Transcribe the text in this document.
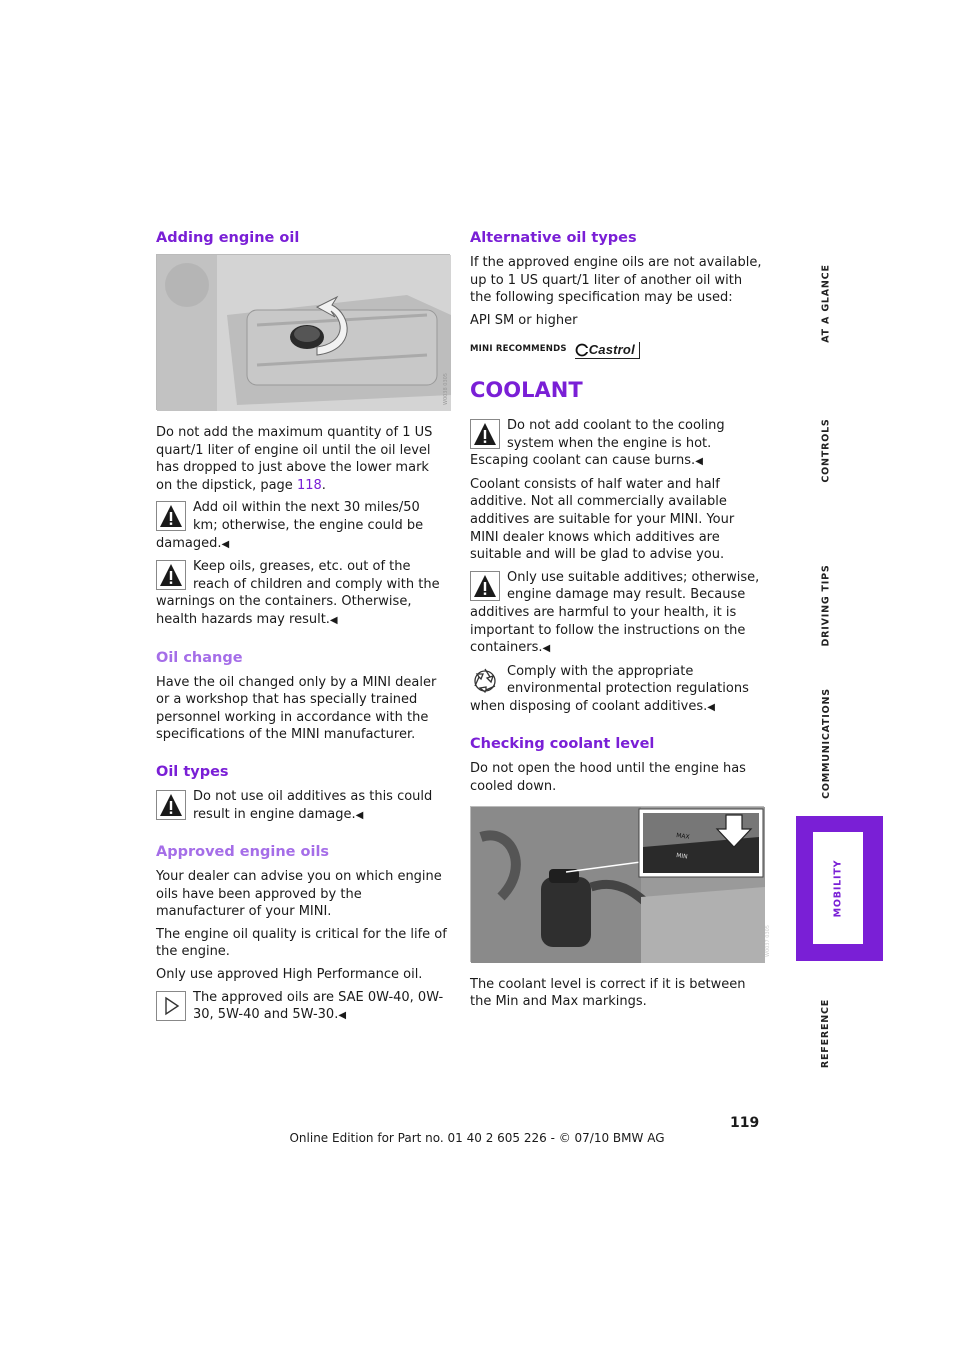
Adding engine oil
W0038 0305

Do not add the maximum quantity of 1 US quart/1 liter of engine oil until the oil level has dropped to just above the lower mark on the dipstick, page 118.

Add oil within the next 30 miles/50 km; otherwise, the engine could be damaged.◀
Keep oils, greases, etc. out of the reach of children and comply with the warnings on the containers. Otherwise, health hazards may result.◀
Oil change

Have the oil changed only by a MINI dealer or a workshop that has specially trained personnel working in accordance with the specifications of the MINI manufacturer.

Oil types
Do not use oil additives as this could result in engine damage.◀
Approved engine oils

Your dealer can advise you on which engine oils have been approved by the manufacturer of your MINI.

The engine oil quality is critical for the life of the engine.

Only use approved High Performance oil.

The approved oils are SAE 0W-40, 0W-30, 5W-40 and 5W-30.◀
Alternative oil types

If the approved engine oils are not available, up to 1 US quart/1 liter of another oil with the following specification may be used:

API SM or higher

MINI RECOMMENDS Castrol
COOLANT
Do not add coolant to the cooling system when the engine is hot. Escaping coolant can cause burns.◀

Coolant consists of half water and half additive. Not all commercially available additives are suitable for your MINI. Your MINI dealer knows which additives are suitable and will be glad to advise you.

Only use suitable additives; otherwise, engine damage may result. Because additives are harmful to your health, it is important to follow the instructions on the containers.◀
Comply with the appropriate environmental protection regulations when disposing of coolant additives.◀
Checking coolant level

Do not open the hood until the engine has cooled down.

MAX
MIN
W0037 0305

The coolant level is correct if it is between the Min and Max markings.

AT A GLANCE
CONTROLS
DRIVING TIPS
COMMUNICATIONS
MOBILITY
REFERENCE
119
Online Edition for Part no. 01 40 2 605 226 - © 07/10 BMW AG
